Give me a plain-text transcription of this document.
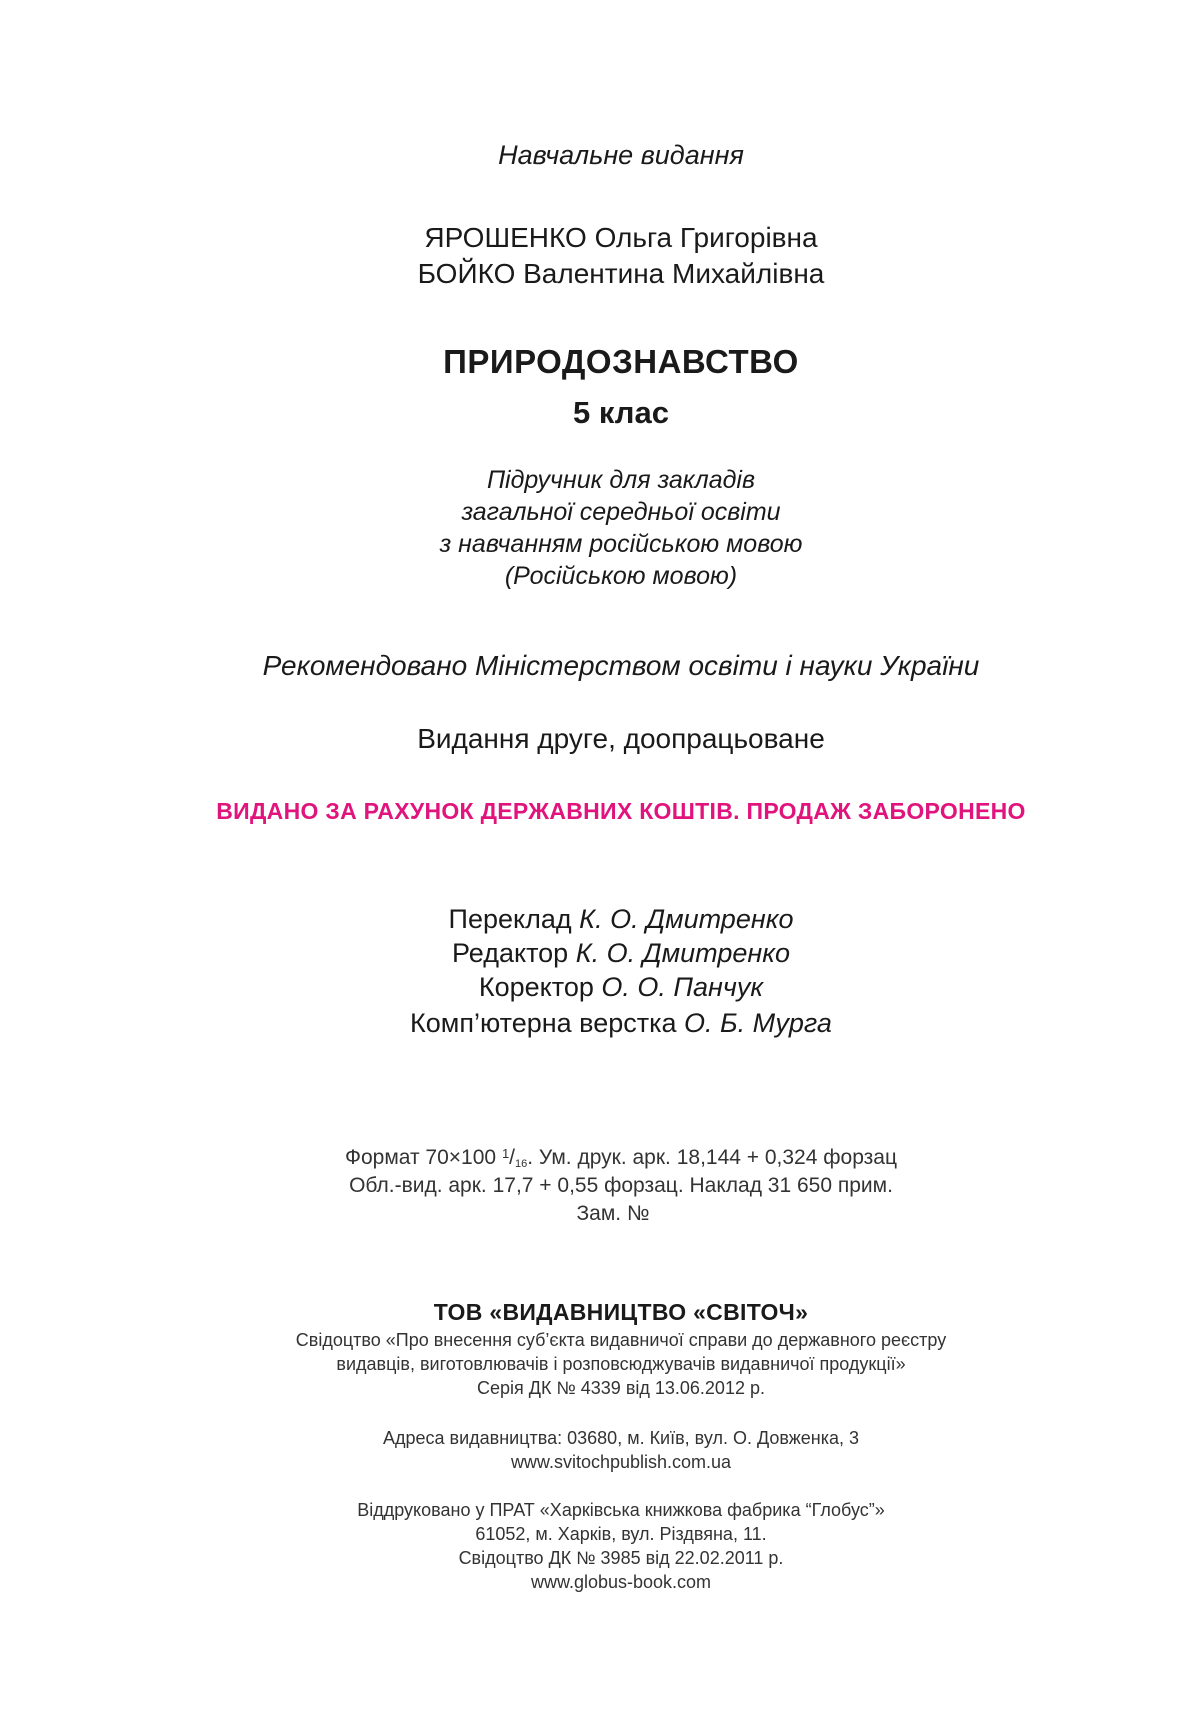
Навчальне видання

ЯРОШЕНКО Ольга Григорівна

БОЙКО Валентина Михайлівна

ПРИРОДОЗНАВСТВО

5 клас

Підручник для закладів

загальної середньої освіти

з навчанням російською мовою

(Російською мовою)

Рекомендовано Міністерством освіти і науки України

Видання друге, доопрацьоване

ВИДАНО ЗА РАХУНОК ДЕРЖАВНИХ КОШТІВ. ПРОДАЖ ЗАБОРОНЕНО

Переклад К. О. Дмитренко

Редактор К. О. Дмитренко

Коректор О. О. Панчук

Комп’ютерна верстка О. Б. Мурга

Формат 70×100 $^1/_{16}$. Ум. друк. арк. 18,144 + 0,324 форзац

Обл.-вид. арк. 17,7 + 0,55 форзац. Наклад 31 650 прим.

Зам. №

ТОВ «ВИДАВНИЦТВО «СВІТОЧ»

Свідоцтво «Про внесення суб’єкта видавничої справи до державного реєстру

видавців, виготовлювачів і розповсюджувачів видавничої продукції»

Серія ДК № 4339 від 13.06.2012 р.

Адреса видавництва: 03680, м. Київ, вул. О. Довженка, 3

www.svitochpublish.com.ua

Віддруковано у ПРАТ «Харківська книжкова фабрика “Глобус”»

61052, м. Харків, вул. Різдвяна, 11.

Свідоцтво ДК № 3985 від 22.02.2011 р.

www.globus-book.com
